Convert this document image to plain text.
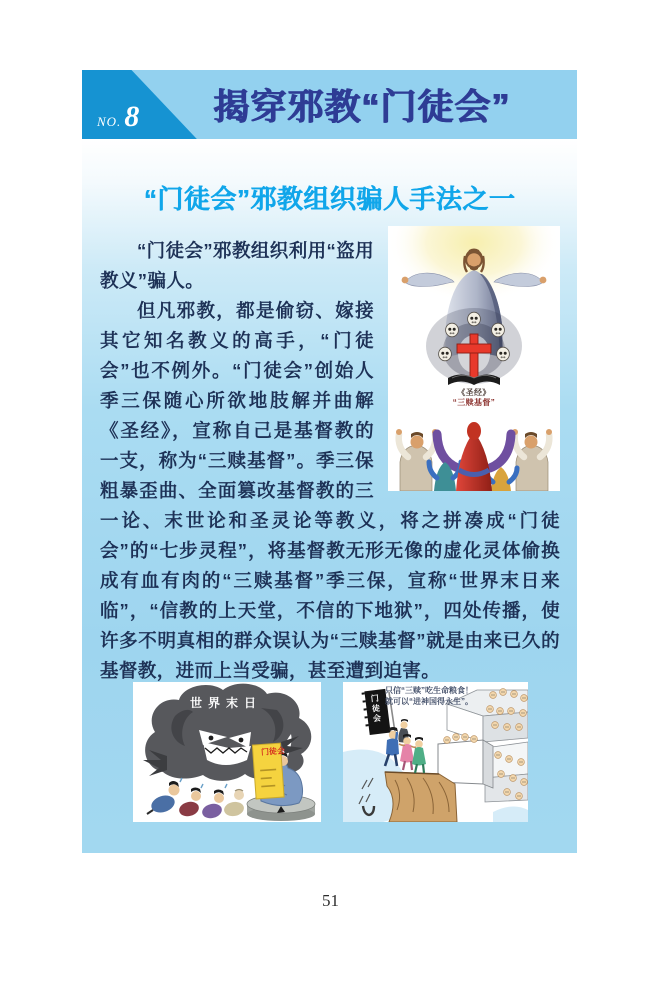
NO. 8	揭穿邪教“门徒会”
“门徒会”邪教组织骗人手法之一
《圣经》
“三赎基督”

“门徒会”邪教组织利用“盗用教义”骗人。

但凡邪教，都是偷窃、嫁接其它知名教义的高手，“门徒会”也不例外。“门徒会”创始人季三保随心所欲地肢解并曲解《圣经》，宣称自己是基督教的一支，称为“三赎基督”。季三保粗暴歪曲、全面篡改基督教的三一论、末世论和圣灵论等教义，将之拼凑成“门徒会”的“七步灵程”，将基督教无形无像的虚化灵体偷换成有血有肉的“三赎基督”季三保，宣称“世界末日来临”，“信教的上天堂，不信的下地狱”，四处传播，使许多不明真相的群众误认为“三赎基督”就是由来已久的基督教，进而上当受骗，甚至遭到迫害。

世界末日
门徒会
只信“三赎”吃生命粮食！
就可以“进神国得永生”。
门徒会
51
